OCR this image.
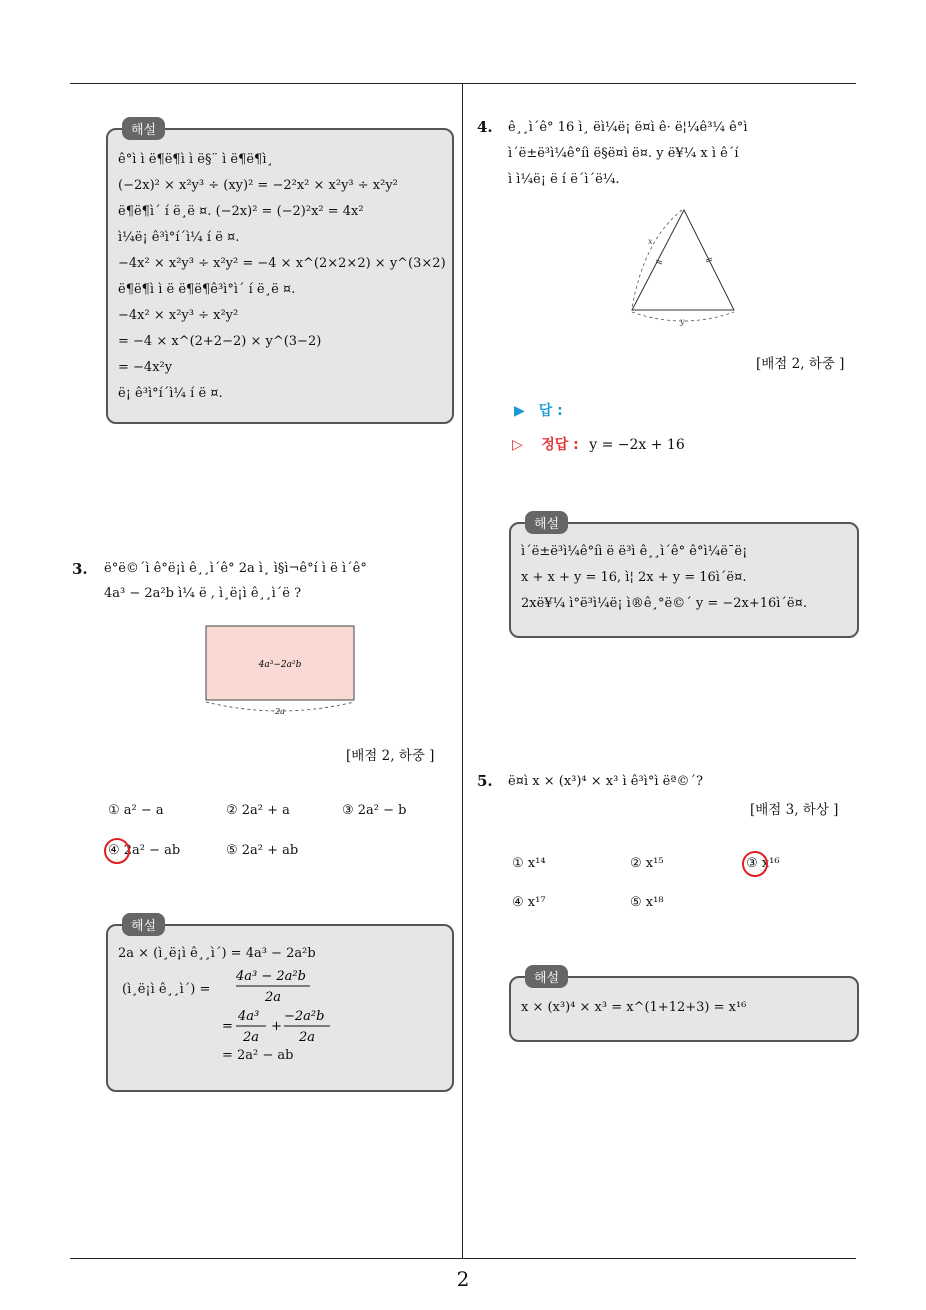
2
해설
ê°ì ì ë¶ë¶ì ì ë§¨ ì ë¶ë¶ì¸
(−2x)² × x²y³ ÷ (xy)² = −2²x² × x²y³ ÷ x²y²
ë¶ë¶ì´ í ë¸ë ¤. (−2x)² = (−2)²x² = 4x²
ì¼ë¡ ê³ì°í´ì¼ í ë ¤.
−4x² × x²y³ ÷ x²y² = −4 × x^(2×2×2) × y^(3×2)
ë¶ë¶ì ì ë ë¶ë¶ê³ì°ì´ í ë¸ë ¤.
−4x² × x²y³ ÷ x²y²
= −4 × x^(2+2−2) × y^(3−2)
= −4x²y
ë¡ ê³ì°í´ì¼ í ë ¤.
3. ë°ë©´ì ê°ë¡ì ê¸¸ì´ê° 2a ì¸ ì§ì¬ê°í ì ë ì´ê°
4a³ − 2a²b ì¼ ë , ì¸ë¡ì ê¸¸ì´ë ?
4a³−2a²b
2a
[배점 2, 하중 ]
① a² − a	② 2a² + a	③ 2a² − b
④ 2a² − ab	⑤ 2a² + ab
해설
2a × (ì¸ë¡ì ê¸¸ì´) = 4a³ − 2a²b
(ì¸ë¡ì ê¸¸ì´) =
4a³ − 2a²b
2a
=
4a³
2a
+
−2a²b
2a
= 2a² − ab
4. ê¸¸ì´ê° 16 ì¸ ëì¼ë¡ ë¤ì ê· ë¦¼ê³¼ ê°ì
ì´ë±ë³ì¼ê°íì ë§ë¤ì ë¤. y ë¥¼ x ì ê´í
ì ì¼ë¡ ë í ë´ì´ë¼.
x
y
[배점 2, 하중 ]
▶ 답 :
▷ 정답 : y = −2x + 16
해설
ì´ë±ë³ì¼ê°íì ë ë³ì ê¸¸ì´ê° ê°ì¼ë¯ë¡
x + x + y = 16, ì¦ 2x + y = 16ì´ë¤.
2xë¥¼ ì°ë³ì¼ë¡ ì®ê¸°ë©´ y = −2x+16ì´ë¤.
5. ë¤ì x × (x³)⁴ × x³ ì ê³ì°ì ëª©´?
[배점 3, 하상 ]
① x¹⁴	② x¹⁵	③ x¹⁶
④ x¹⁷	⑤ x¹⁸
해설
x × (x³)⁴ × x³ = x^(1+12+3) = x¹⁶
